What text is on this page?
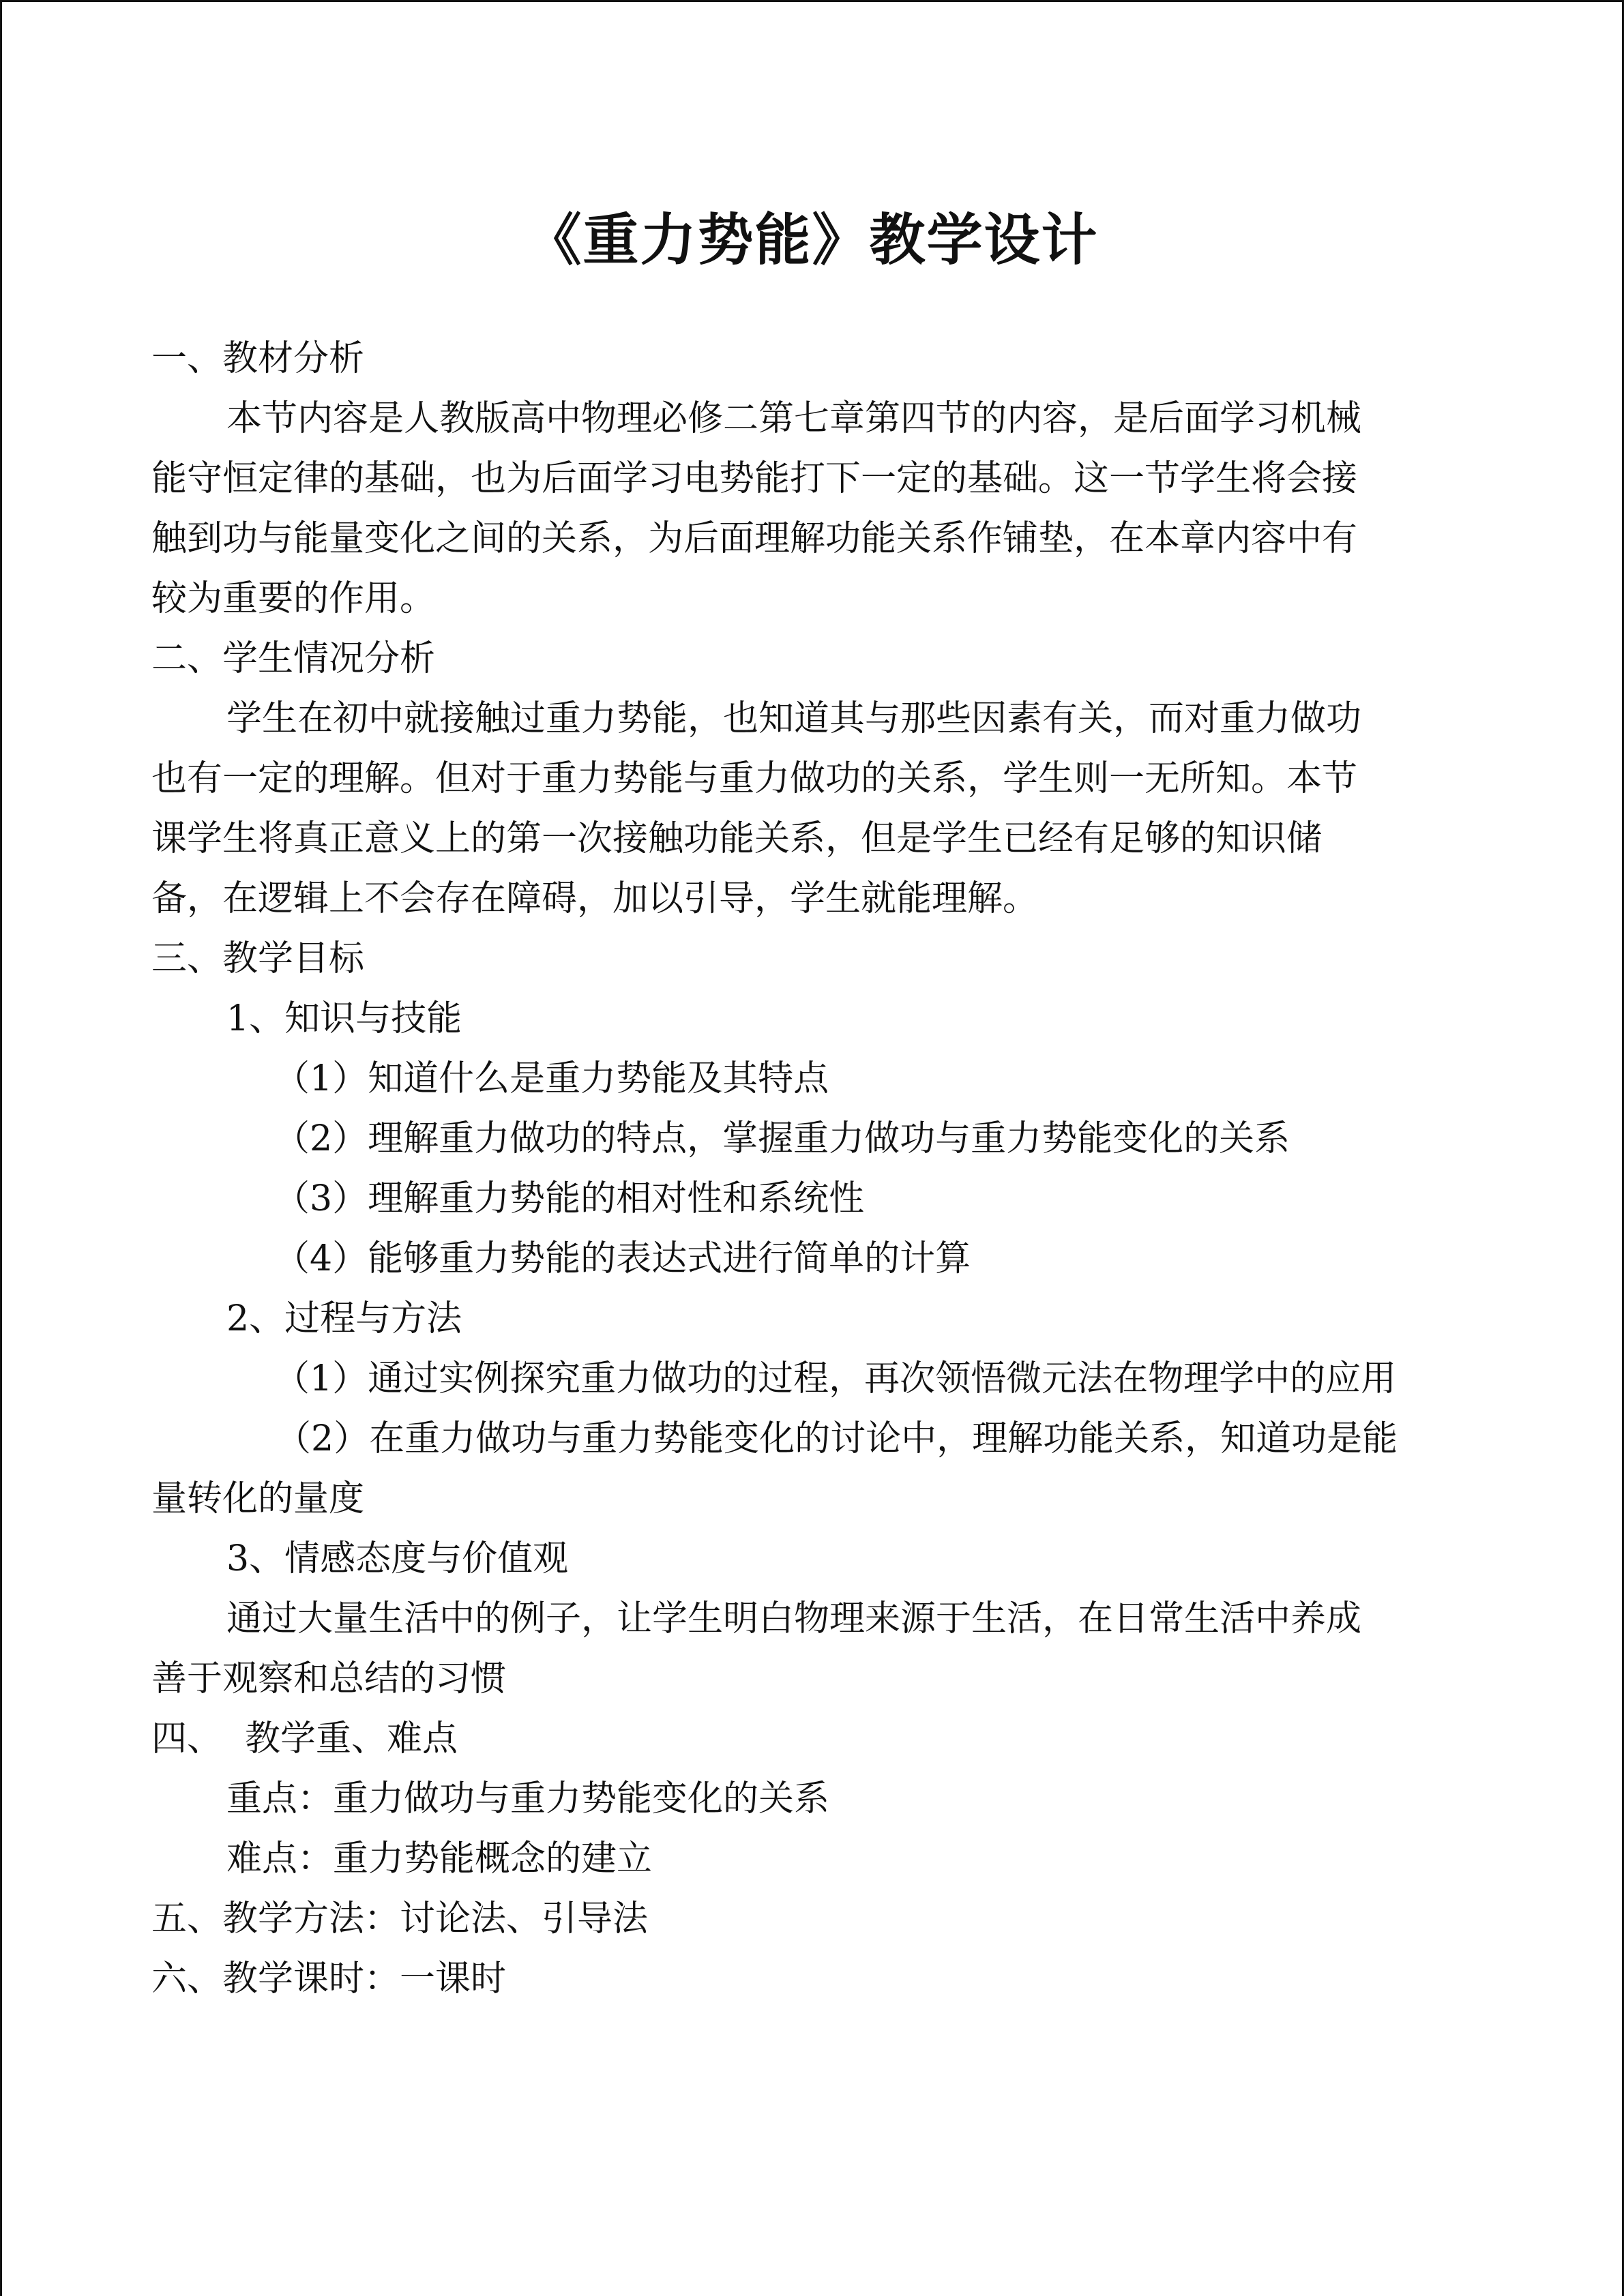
《重力势能》教学设计

一、教材分析

本节内容是人教版高中物理必修二第七章第四节的内容，是后面学习机械

能守恒定律的基础，也为后面学习电势能打下一定的基础。这一节学生将会接

触到功与能量变化之间的关系，为后面理解功能关系作铺垫，在本章内容中有

较为重要的作用。

二、学生情况分析

学生在初中就接触过重力势能，也知道其与那些因素有关，而对重力做功

也有一定的理解。但对于重力势能与重力做功的关系，学生则一无所知。本节

课学生将真正意义上的第一次接触功能关系，但是学生已经有足够的知识储

备，在逻辑上不会存在障碍，加以引导，学生就能理解。

三、教学目标

1、知识与技能

（1）知道什么是重力势能及其特点

（2）理解重力做功的特点，掌握重力做功与重力势能变化的关系

（3）理解重力势能的相对性和系统性

（4）能够重力势能的表达式进行简单的计算

2、过程与方法

（1）通过实例探究重力做功的过程，再次领悟微元法在物理学中的应用

（2）在重力做功与重力势能变化的讨论中，理解功能关系，知道功是能

量转化的量度

3、情感态度与价值观

通过大量生活中的例子，让学生明白物理来源于生活，在日常生活中养成

善于观察和总结的习惯

四、  教学重、难点

重点：重力做功与重力势能变化的关系

难点：重力势能概念的建立

五、教学方法：讨论法、引导法

六、教学课时：一课时
